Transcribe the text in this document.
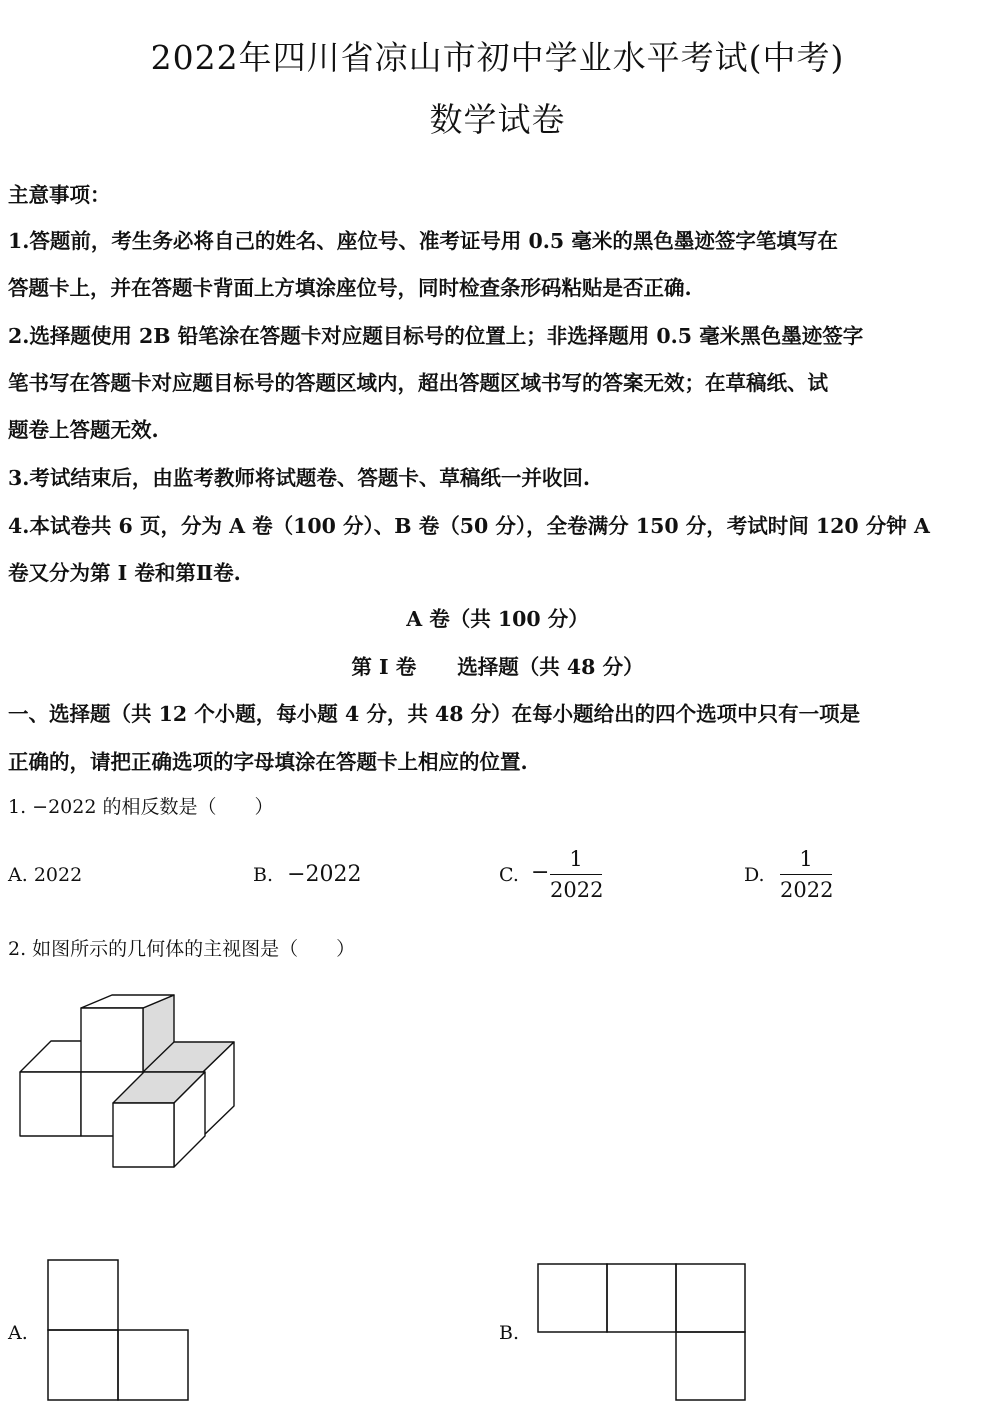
2022年四川省凉山市初中学业水平考试(中考)
数学试卷
主意事项：
1.答题前，考生务必将自己的姓名、座位号、准考证号用 0.5 毫米的黑色墨迹签字笔填写在
答题卡上，并在答题卡背面上方填涂座位号，同时检查条形码粘贴是否正确.
2.选择题使用 2B 铅笔涂在答题卡对应题目标号的位置上；非选择题用 0.5 毫米黑色墨迹签字
笔书写在答题卡对应题目标号的答题区域内，超出答题区域书写的答案无效；在草稿纸、试
题卷上答题无效.
3.考试结束后，由监考教师将试题卷、答题卡、草稿纸一并收回.
4.本试卷共 6 页，分为 A 卷（100 分）、B 卷（50 分），全卷满分 150 分，考试时间 120 分钟 A
卷又分为第 I 卷和第Ⅱ卷.
A 卷（共 100 分）
第 I 卷　　选择题（共 48 分）
一、选择题（共 12 个小题，每小题 4 分，共 48 分）在每小题给出的四个选项中只有一项是
正确的，请把正确选项的字母填涂在答题卡上相应的位置.
1. −2022 的相反数是（　　）
A. 2022	B. −2022	C. −
1
2022
D.
1
2022
2. 如图所示的几何体的主视图是（　　）
A.	B.
